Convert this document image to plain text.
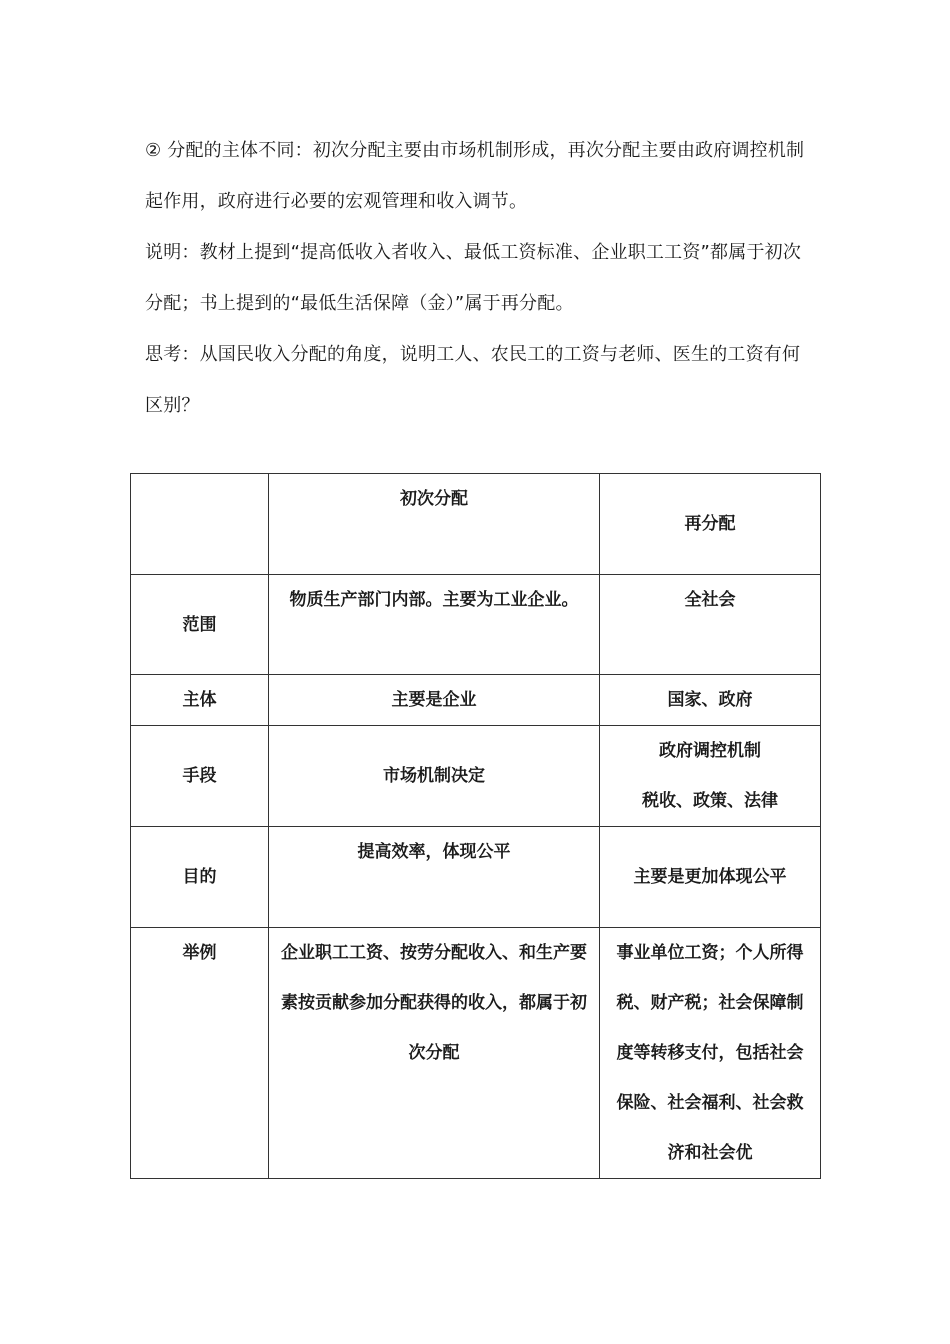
② 分配的主体不同：初次分配主要由市场机制形成，再次分配主要由政府调控机制起作用，政府进行必要的宏观管理和收入调节。

说明：教材上提到“提高低收入者收入、最低工资标准、企业职工工资”都属于初次分配；书上提到的“最低生活保障（金）”属于再分配。

思考：从国民收入分配的角度，说明工人、农民工的工资与老师、医生的工资有何区别？

	初次分配	再分配
范围	物质生产部门内部。主要为工业企业。	全社会
主体	主要是企业	国家、政府
手段	市场机制决定	政府调控机制
税收、政策、法律

目的	提高效率，体现公平	主要是更加体现公平
举例	企业职工工资、按劳分配收入、和生产要素按贡献参加分配获得的收入，都属于初次分配	事业单位工资；个人所得税、财产税；社会保障制度等转移支付，包括社会保险、社会福利、社会救济和社会优
